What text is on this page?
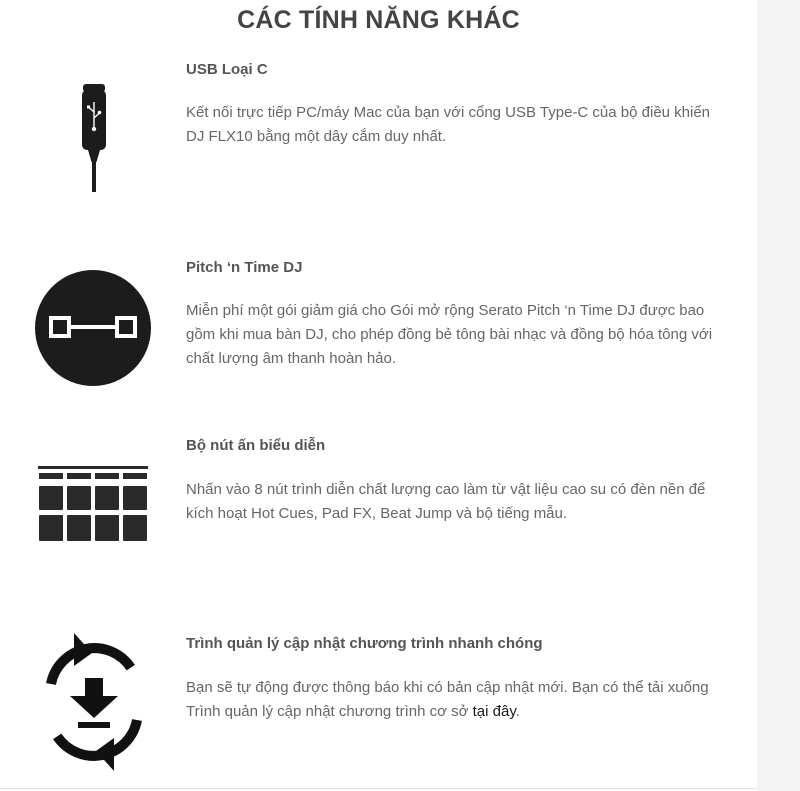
CÁC TÍNH NĂNG KHÁC
USB Loại C

Kết nối trực tiếp PC/máy Mac của bạn với cổng USB Type-C của bộ điều khiển DJ FLX10 bằng một dây cắm duy nhất.

Pitch ‘n Time DJ

Miễn phí một gói giảm giá cho Gói mở rộng Serato Pitch ‘n Time DJ được bao gồm khi mua bàn DJ, cho phép đồng bẻ tông bài nhạc và đồng bộ hóa tông với chất lượng âm thanh hoàn hảo.

Bộ nút ấn biểu diễn

Nhấn vào 8 nút trình diễn chất lượng cao làm từ vật liệu cao su có đèn nền để kích hoạt Hot Cues, Pad FX, Beat Jump và bộ tiếng mẫu.

Trình quản lý cập nhật chương trình nhanh chóng

Bạn sẽ tự động được thông báo khi có bản cập nhật mới. Bạn có thể tải xuống Trình quản lý cập nhật chương trình cơ sở tại đây.
